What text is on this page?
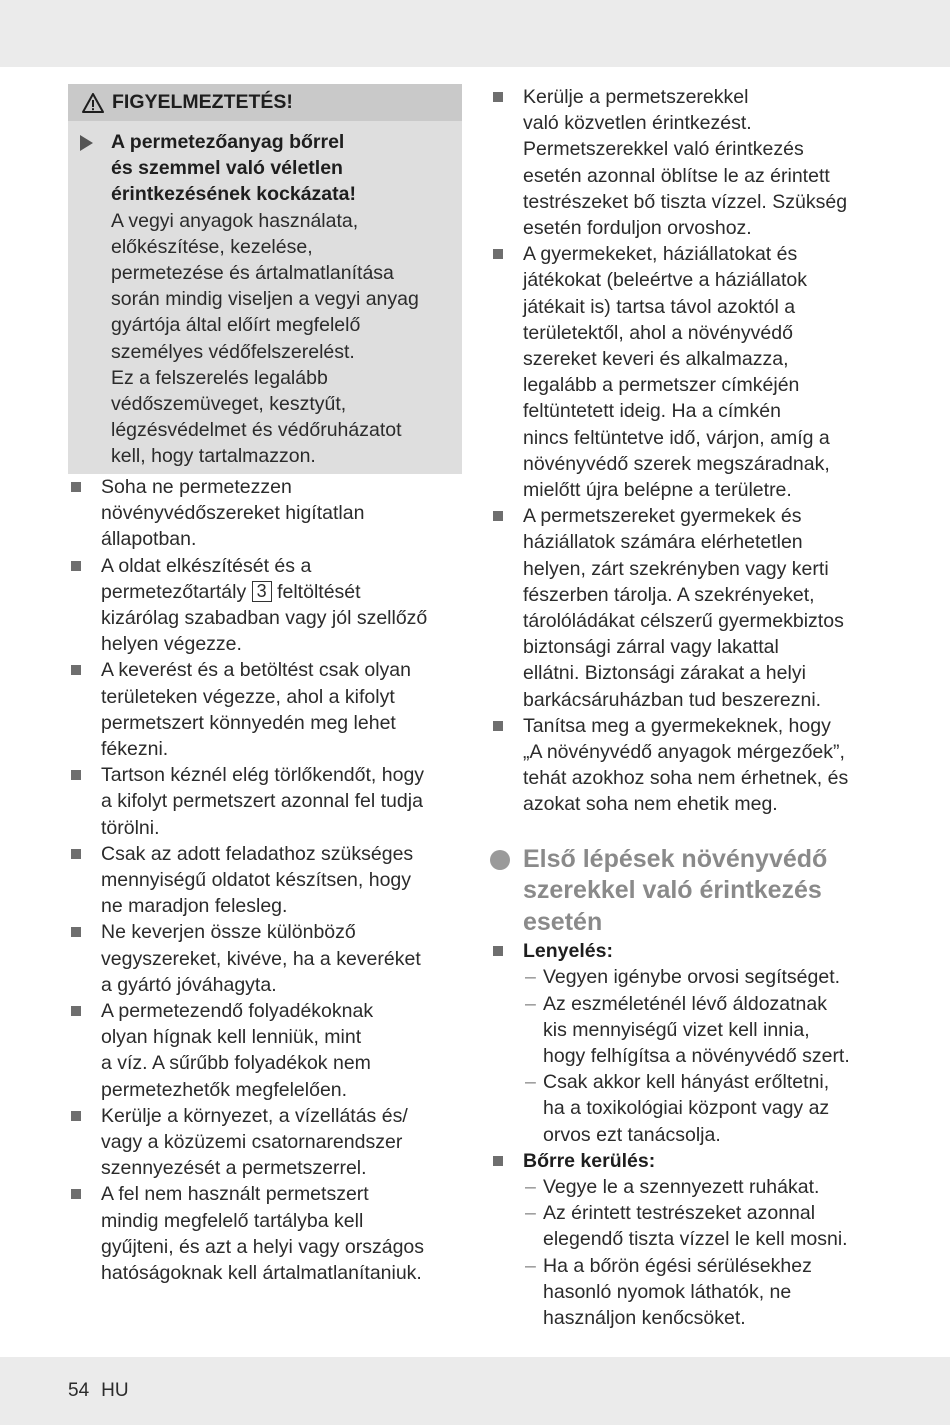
FIGYELMEZTETÉS!
A permetezőanyag bőrrel
és szemmel való véletlen
érintkezésének kockázata!
A vegyi anyagok használata,
előkészítése, kezelése,
permetezése és ártalmatlanítása
során mindig viseljen a vegyi anyag
gyártója által előírt megfelelő
személyes védőfelszerelést.
Ez a felszerelés legalább
védőszemüveget, kesztyűt,
légzésvédelmet és védőruházatot
kell, hogy tartalmazzon.
Soha ne permetezzen
növényvédőszereket higítatlan
állapotban.
A oldat elkészítését és a
permetezőtartály 3 feltöltését
kizárólag szabadban vagy jól szellőző
helyen végezze.
A keverést és a betöltést csak olyan
területeken végezze, ahol a kifolyt
permetszert könnyedén meg lehet
fékezni.
Tartson kéznél elég törlőkendőt, hogy
a kifolyt permetszert azonnal fel tudja
törölni.
Csak az adott feladathoz szükséges
mennyiségű oldatot készítsen, hogy
ne maradjon felesleg.
Ne keverjen össze különböző
vegyszereket, kivéve, ha a keveréket
a gyártó jóváhagyta.
A permetezendő folyadékoknak
olyan hígnak kell lenniük, mint
a víz. A sűrűbb folyadékok nem
permetezhetők megfelelően.
Kerülje a környezet, a vízellátás és/
vagy a közüzemi csatornarendszer
szennyezését a permetszerrel.
A fel nem használt permetszert
mindig megfelelő tartályba kell
gyűjteni, és azt a helyi vagy országos
hatóságoknak kell ártalmatlanítaniuk.
Kerülje a permetszerekkel
való közvetlen érintkezést.
Permetszerekkel való érintkezés
esetén azonnal öblítse le az érintett
testrészeket bő tiszta vízzel. Szükség
esetén forduljon orvoshoz.
A gyermekeket, háziállatokat és
játékokat (beleértve a háziállatok
játékait is) tartsa távol azoktól a
területektől, ahol a növényvédő
szereket keveri és alkalmazza,
legalább a permetszer címkéjén
feltüntetett ideig. Ha a címkén
nincs feltüntetve idő, várjon, amíg a
növényvédő szerek megszáradnak,
mielőtt újra belépne a területre.
A permetszereket gyermekek és
háziállatok számára elérhetetlen
helyen, zárt szekrényben vagy kerti
fészerben tárolja. A szekrényeket,
tárolóládákat célszerű gyermekbiztos
biztonsági zárral vagy lakattal
ellátni. Biztonsági zárakat a helyi
barkácsáruházban tud beszerezni.
Tanítsa meg a gyermekeknek, hogy
„A növényvédő anyagok mérgezőek”,
tehát azokhoz soha nem érhetnek, és
azokat soha nem ehetik meg.
Első lépések növényvédő
szerekkel való érintkezés
esetén
Lenyelés:
– Vegyen igénybe orvosi segítséget.
– Az eszméleténél lévő áldozatnak
kis mennyiségű vizet kell innia,
hogy felhígítsa a növényvédő szert.
– Csak akkor kell hányást erőltetni,
ha a toxikológiai központ vagy az
orvos ezt tanácsolja.
Bőrre kerülés:
– Vegye le a szennyezett ruhákat.
– Az érintett testrészeket azonnal
elegendő tiszta vízzel le kell mosni.
– Ha a bőrön égési sérülésekhez
hasonló nyomok láthatók, ne
használjon kenőcsöket.
54 HU
